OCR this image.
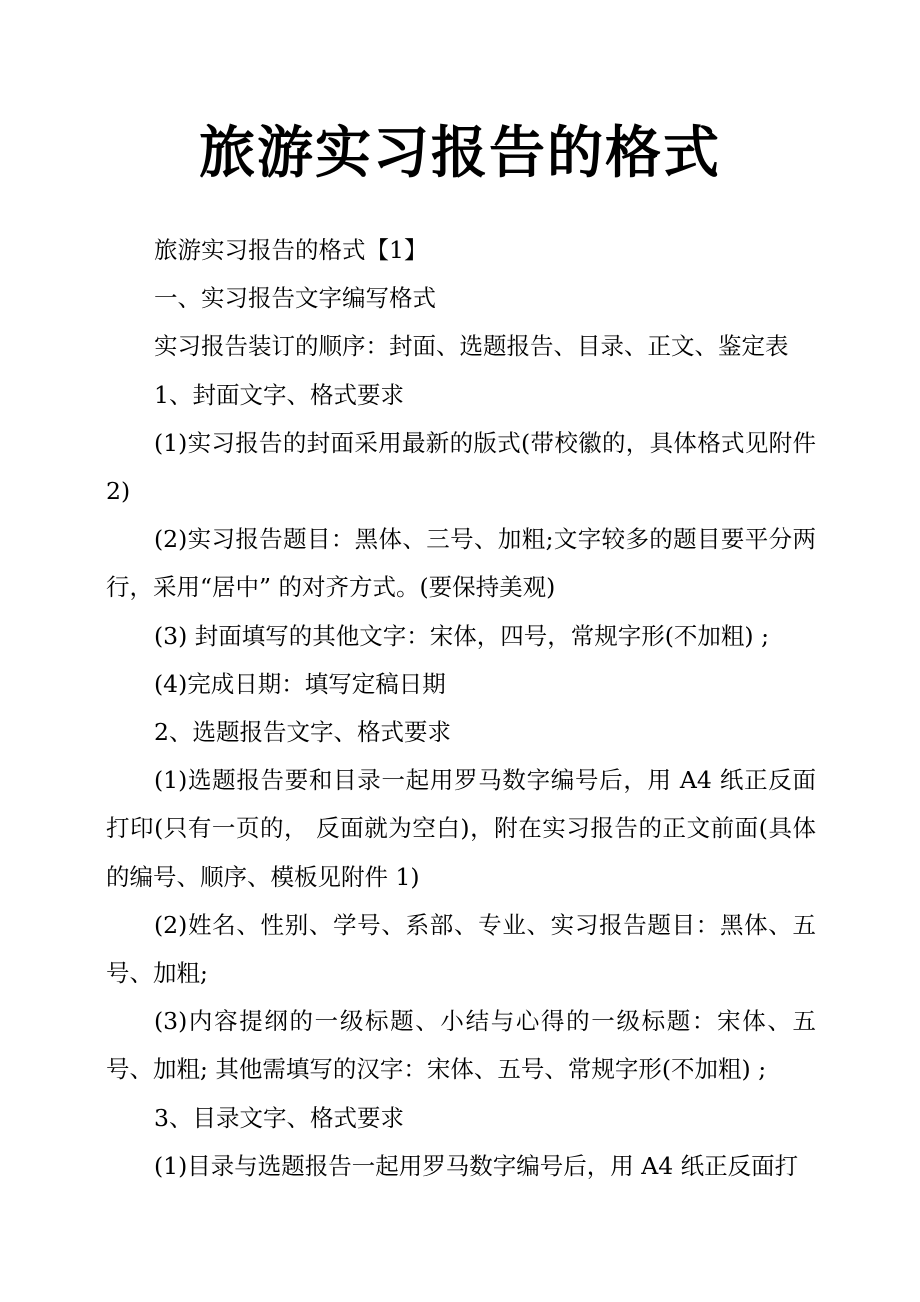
旅游实习报告的格式

旅游实习报告的格式【1】

一、实习报告文字编写格式

实习报告装订的顺序：封面、选题报告、目录、正文、鉴定表

1、封面文字、格式要求

(1)实习报告的封面采用最新的版式(带校徽的，具体格式见附件 2)

(2)实习报告题目：黑体、三号、加粗;文字较多的题目要平分两行，采用“居中” 的对齐方式。(要保持美观)

(3) 封面填写的其他文字：宋体，四号，常规字形(不加粗) ;

(4)完成日期：填写定稿日期

2、选题报告文字、格式要求

(1)选题报告要和目录一起用罗马数字编号后，用 A4 纸正反面打印(只有一页的， 反面就为空白)，附在实习报告的正文前面(具体的编号、顺序、模板见附件 1)

(2)姓名、性别、学号、系部、专业、实习报告题目：黑体、五号、加粗;

(3)内容提纲的一级标题、小结与心得的一级标题：宋体、五号、加粗; 其他需填写的汉字：宋体、五号、常规字形(不加粗) ;

3、目录文字、格式要求

(1)目录与选题报告一起用罗马数字编号后，用 A4 纸正反面打
